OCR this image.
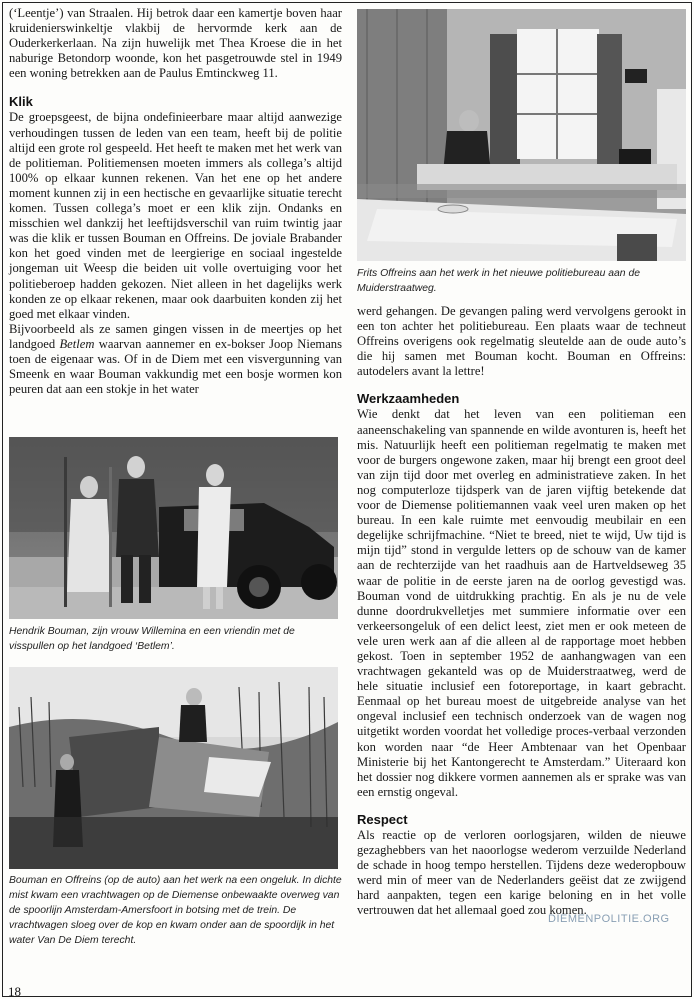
(‘Leentje’) van Straalen. Hij betrok daar een kamertje boven haar kruidenierswinkeltje vlakbij de hervormde kerk aan de Ouderkerkerlaan. Na zijn huwelijk met Thea Kroese die in het naburige Betondorp woonde, kon het pasgetrouwde stel in 1949 een woning betrekken aan de Paulus Emtinckweg 11.

Klik

De groepsgeest, de bijna ondefinieerbare maar altijd aanwezige verhoudingen tussen de leden van een team, heeft bij de politie altijd een grote rol gespeeld. Het heeft te maken met het werk van de politieman. Politiemensen moeten immers als collega’s altijd 100% op elkaar kunnen rekenen. Van het ene op het andere moment kunnen zij in een hectische en gevaarlijke situatie terecht komen. Tussen collega’s moet er een klik zijn. Ondanks en misschien wel dankzij het leeftijdsverschil van ruim twintig jaar was die klik er tussen Bouman en Offreins. De joviale Brabander kon het goed vinden met de leergierige en sociaal ingestelde jongeman uit Weesp die beiden uit volle overtuiging voor het politieberoep hadden gekozen. Niet alleen in het dagelijks werk konden ze op elkaar rekenen, maar ook daarbuiten konden zij het goed met elkaar vinden.

Bijvoorbeeld als ze samen gingen vissen in de meertjes op het landgoed Betlem waarvan aannemer en ex-bokser Joop Niemans toen de eigenaar was. Of in de Diem met een visvergunning van Smeenk en waar Bouman vakkundig met een bosje wormen kon peuren dat aan een stokje in het water

Hendrik Bouman, zijn vrouw Willemina en een vriendin met de visspullen op het landgoed ‘Betlem’.
Bouman en Offreins (op de auto) aan het werk na een ongeluk. In dichte mist kwam een vrachtwagen op de Diemense onbewaakte overweg van de spoorlijn Amsterdam-Amersfoort in botsing met de trein. De vrachtwagen sloeg over de kop en kwam onder aan de spoordijk in het water Van De Diem terecht.
Frits Offreins aan het werk in het nieuwe politiebureau aan de Muiderstraatweg.

werd gehangen. De gevangen paling werd vervolgens gerookt in een ton achter het politiebureau. Een plaats waar de techneut Offreins overigens ook regelmatig sleutelde aan de oude auto’s die hij samen met Bouman kocht. Bouman en Offreins: autodelers avant la lettre!

Werkzaamheden

Wie denkt dat het leven van een politieman een aaneenschakeling van spannende en wilde avonturen is, heeft het mis. Natuurlijk heeft een politieman regelmatig te maken met voor de burgers ongewone zaken, maar hij brengt een groot deel van zijn tijd door met overleg en administratieve zaken. In het nog computerloze tijdsperk van de jaren vijftig betekende dat voor de Diemense politiemannen vaak veel uren maken op het bureau. In een kale ruimte met eenvoudig meubilair en een degelijke schrijfmachine. “Niet te breed, niet te wijd, Uw tijd is mijn tijd” stond in vergulde letters op de schouw van de kamer aan de rechterzijde van het raadhuis aan de Hartveldseweg 35 waar de politie in de eerste jaren na de oorlog gevestigd was. Bouman vond de uitdrukking prachtig. En als je nu de vele dunne doordrukvelletjes met summiere informatie over een verkeersongeluk of een delict leest, ziet men er ook meteen de vele uren werk aan af die alleen al de rapportage moet hebben gekost. Toen in september 1952 de aanhangwagen van een vrachtwagen gekanteld was op de Muiderstraatweg, werd de hele situatie inclusief een fotoreportage, in kaart gebracht. Eenmaal op het bureau moest de uitgebreide analyse van het ongeval inclusief een technisch onderzoek van de wagen nog uitgetikt worden voordat het volledige proces-verbaal verzonden kon worden naar “de Heer Ambtenaar van het Openbaar Ministerie bij het Kantongerecht te Amsterdam.” Uiteraard kon het dossier nog dikkere vormen aannemen als er sprake was van een ernstig ongeval.

Respect

Als reactie op de verloren oorlogsjaren, wilden de nieuwe gezaghebbers van het naoorlogse wederom verzuilde Nederland de schade in hoog tempo herstellen. Tijdens deze wederopbouw werd min of meer van de Nederlanders geëist dat ze zwijgend hard aanpakten, tegen een karige beloning en in het volle vertrouwen dat het allemaal goed zou komen.

DIEMENPOLITIE.ORG
18
